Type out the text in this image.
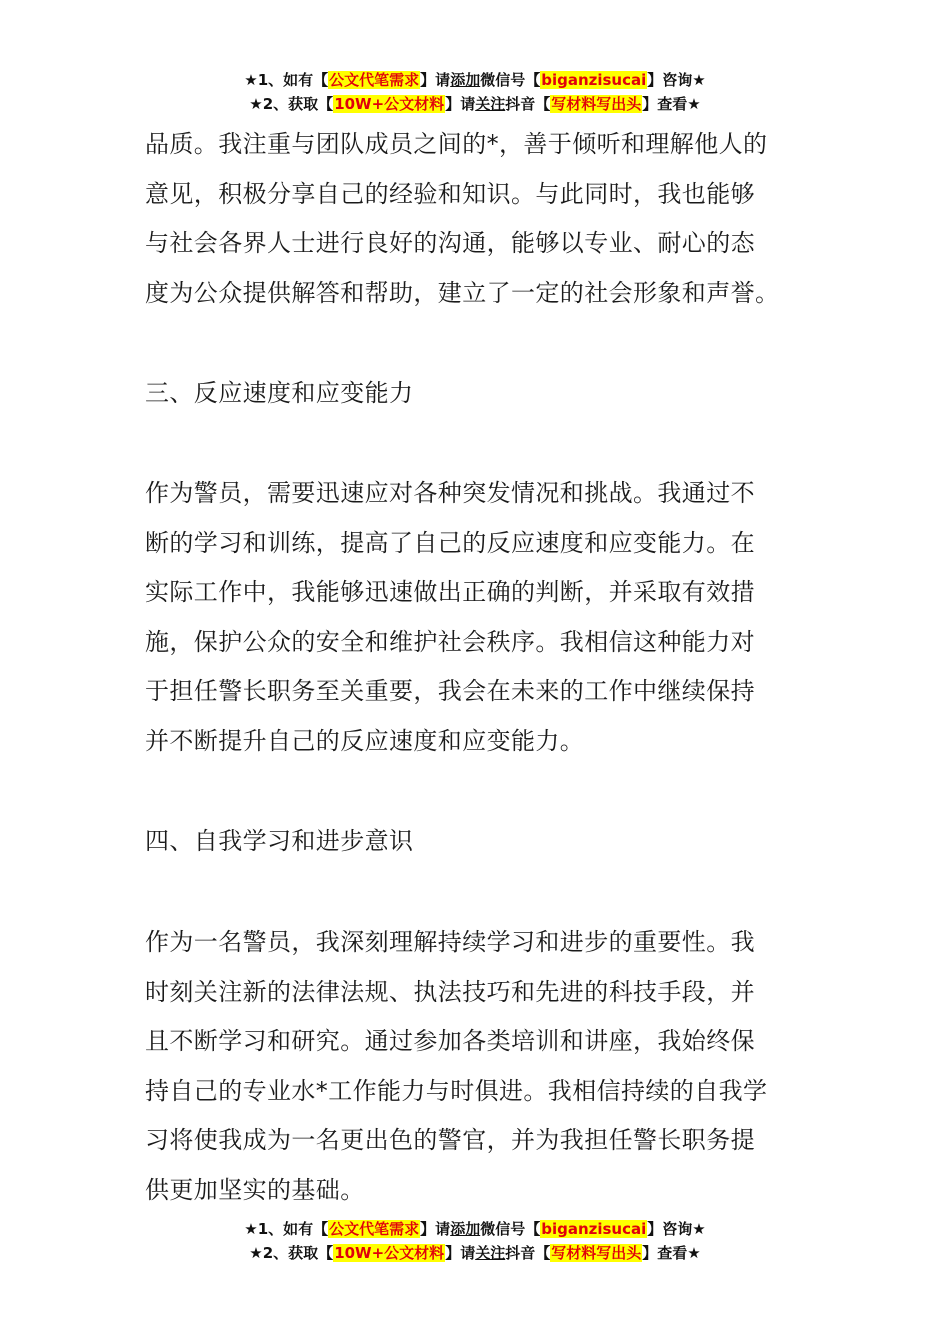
★1、如有【公文代笔需求】请添加微信号【biganzisucai】咨询★
★2、获取【10W+公文材料】请关注抖音【写材料写出头】查看★

品质。我注重与团队成员之间的*，善于倾听和理解他人的
意见，积极分享自己的经验和知识。与此同时，我也能够
与社会各界人士进行良好的沟通，能够以专业、耐心的态
度为公众提供解答和帮助，建立了一定的社会形象和声誉。

三、反应速度和应变能力

作为警员，需要迅速应对各种突发情况和挑战。我通过不
断的学习和训练，提高了自己的反应速度和应变能力。在
实际工作中，我能够迅速做出正确的判断，并采取有效措
施，保护公众的安全和维护社会秩序。我相信这种能力对
于担任警长职务至关重要，我会在未来的工作中继续保持
并不断提升自己的反应速度和应变能力。

四、自我学习和进步意识

作为一名警员，我深刻理解持续学习和进步的重要性。我
时刻关注新的法律法规、执法技巧和先进的科技手段，并
且不断学习和研究。通过参加各类培训和讲座，我始终保
持自己的专业水*工作能力与时俱进。我相信持续的自我学
习将使我成为一名更出色的警官，并为我担任警长职务提
供更加坚实的基础。

★1、如有【公文代笔需求】请添加微信号【biganzisucai】咨询★
★2、获取【10W+公文材料】请关注抖音【写材料写出头】查看★
